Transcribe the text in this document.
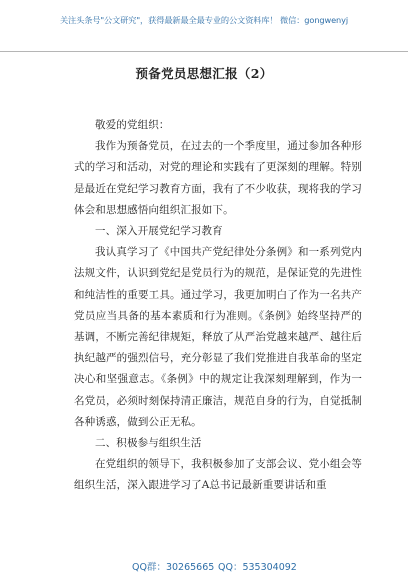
关注头条号"公文研究"，获得最新最全最专业的公文资料库！ 微信：gongwenyj
预备党员思想汇报（2）

敬爱的党组织：

我作为预备党员，在过去的一个季度里，通过参加各种形式的学习和活动，对党的理论和实践有了更深刻的理解。特别是最近在党纪学习教育方面，我有了不少收获，现将我的学习体会和思想感悟向组织汇报如下。

一、深入开展党纪学习教育

我认真学习了《中国共产党纪律处分条例》和一系列党内法规文件，认识到党纪是党员行为的规范，是保证党的先进性和纯洁性的重要工具。通过学习，我更加明白了作为一名共产党员应当具备的基本素质和行为准则。《条例》始终坚持严的基调，不断完善纪律规矩，释放了从严治党越来越严、越往后执纪越严的强烈信号，充分彰显了我们党推进自我革命的坚定决心和坚强意志。《条例》中的规定让我深刻理解到，作为一名党员，必须时刻保持清正廉洁，规范自身的行为，自觉抵制各种诱惑，做到公正无私。

二、积极参与组织生活

在党组织的领导下，我积极参加了支部会议、党小组会等组织生活，深入跟进学习了A总书记最新重要讲话和重

QQ群：30265665 QQ：535304092
